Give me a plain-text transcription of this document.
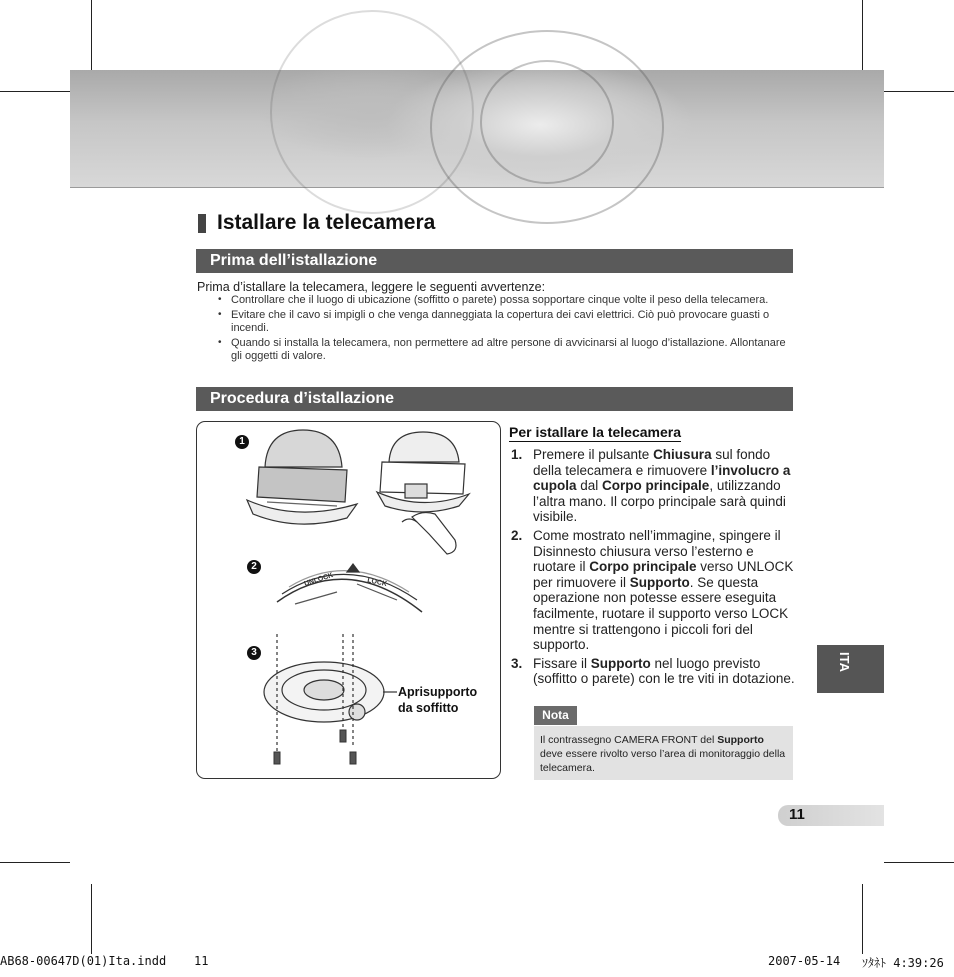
Istallare la telecamera
Prima dell’istallazione
Prima d’istallare la telecamera, leggere le seguenti avvertenze:
• Controllare che il luogo di ubicazione (soffitto o parete) possa sopportare cinque volte il peso della telecamera.
• Evitare che il cavo si impigli o che venga danneggiata la copertura dei cavi elettrici. Ciò può provocare guasti o incendi.
• Quando si installa la telecamera, non permettere ad altre persone di avvicinarsi al luogo d’istallazione. Allontanare gli oggetti di valore.
Procedura d’istallazione
UNLOCK	LOCK
1
2
3
Aprisupporto
da soffitto
Per istallare la telecamera
1. Premere il pulsante Chiusura sul fondo della telecamera e rimuovere l’involucro a cupola dal Corpo principale, utilizzando l’altra mano. Il corpo principale sarà quindi visibile.
2. Come mostrato nell’immagine, spingere il Disinnesto chiusura verso l’esterno e ruotare il Corpo principale verso UNLOCK per rimuovere il Supporto. Se questa operazione non potesse essere eseguita facilmente, ruotare il supporto verso LOCK mentre si trattengono i piccoli fori del supporto.
3. Fissare il Supporto nel luogo previsto (soffitto o parete) con le tre viti in dotazione.
Nota
Il contrassegno CAMERA FRONT del Supporto deve essere rivolto verso l’area di monitoraggio della telecamera.
ITA
11
AB68-00647D(01)Ita.indd 11	2007-05-14 ｿﾀﾈﾄ 4:39:26
